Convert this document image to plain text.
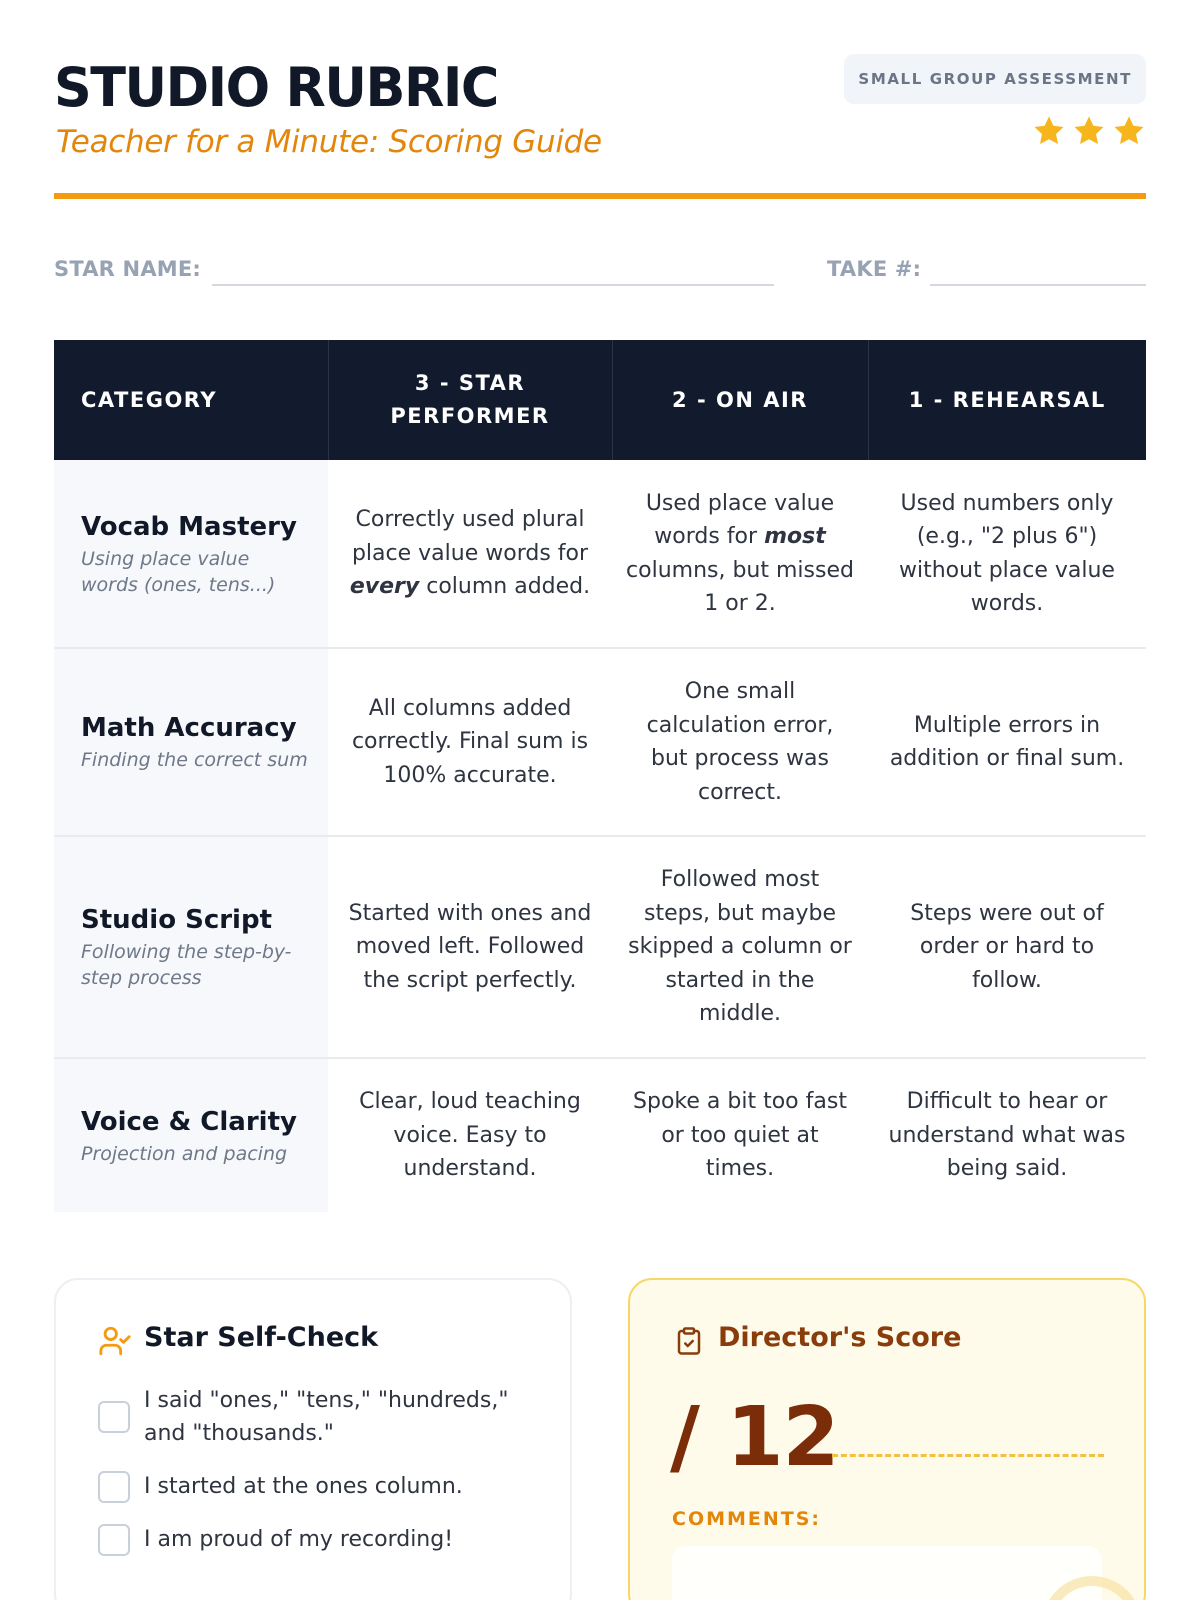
STUDIO RUBRIC
Teacher for a Minute: Scoring Guide
SMALL GROUP ASSESSMENT
STAR NAME:	TAKE #:
CATEGORY	3 - STAR PERFORMER	2 - ON AIR	1 - REHEARSAL

Vocab Mastery
Using place value words (ones, tens...)	Correctly used plural place value words for every column added.	Used place value words for most columns, but missed 1 or 2.	Used numbers only (e.g., "2 plus 6") without place value words.

Math Accuracy
Finding the correct sum	All columns added correctly. Final sum is 100% accurate.	One small calculation error, but process was correct.	Multiple errors in addition or final sum.

Studio Script
Following the step-by-step process	Started with ones and moved left. Followed the script perfectly.	Followed most steps, but maybe skipped a column or started in the middle.	Steps were out of order or hard to follow.

Voice & Clarity
Projection and pacing	Clear, loud teaching voice. Easy to understand.	Spoke a bit too fast or too quiet at times.	Difficult to hear or understand what was being said.
Star Self-Check
I said "ones," "tens," "hundreds," and "thousands."
I started at the ones column.
I am proud of my recording!
Director's Score
/ 12
COMMENTS:
